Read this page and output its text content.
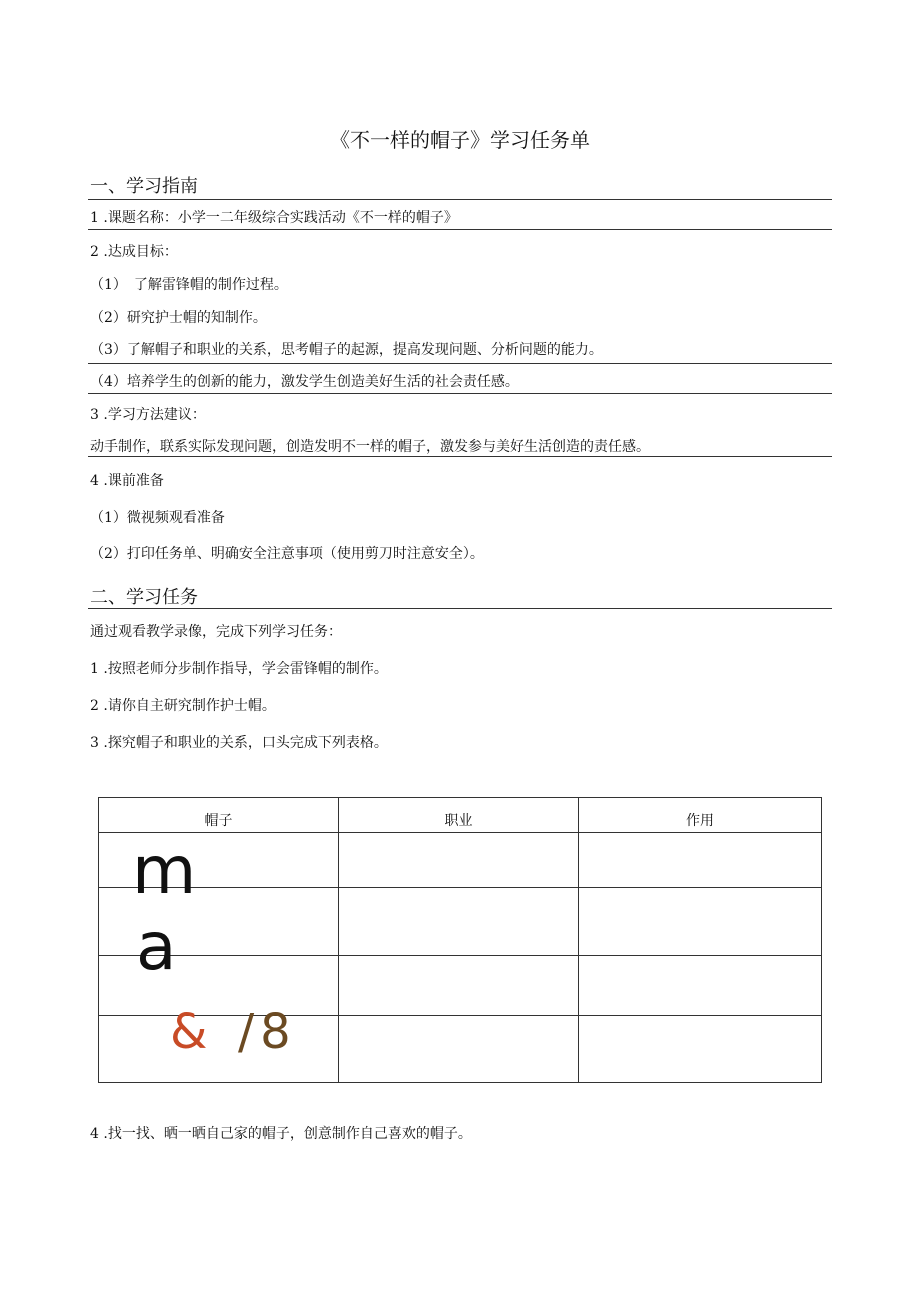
《不一样的帽子》学习任务单
一、学习指南
1 .课题名称：小学一二年级综合实践活动《不一样的帽子》
2 .达成目标：
（1）　了解雷锋帽的制作过程。
（2）研究护士帽的知制作。
（3）了解帽子和职业的关系，思考帽子的起源，提高发现问题、分析问题的能力。
（4）培养学生的创新的能力，激发学生创造美好生活的社会责任感。
3 .学习方法建议：
动手制作，联系实际发现问题，创造发明不一样的帽子，激发参与美好生活创造的责任感。
4 .课前准备
（1）微视频观看准备
（2）打印任务单、明确安全注意事项（使用剪刀时注意安全）。
二、学习任务
通过观看教学录像，完成下列学习任务：
1 .按照老师分步制作指导，学会雷锋帽的制作。
2 .请你自主研究制作护士帽。
3 .探究帽子和职业的关系，口头完成下列表格。
帽子	职业	作用

m
a
& /8
4 .找一找、晒一晒自己家的帽子，创意制作自己喜欢的帽子。
